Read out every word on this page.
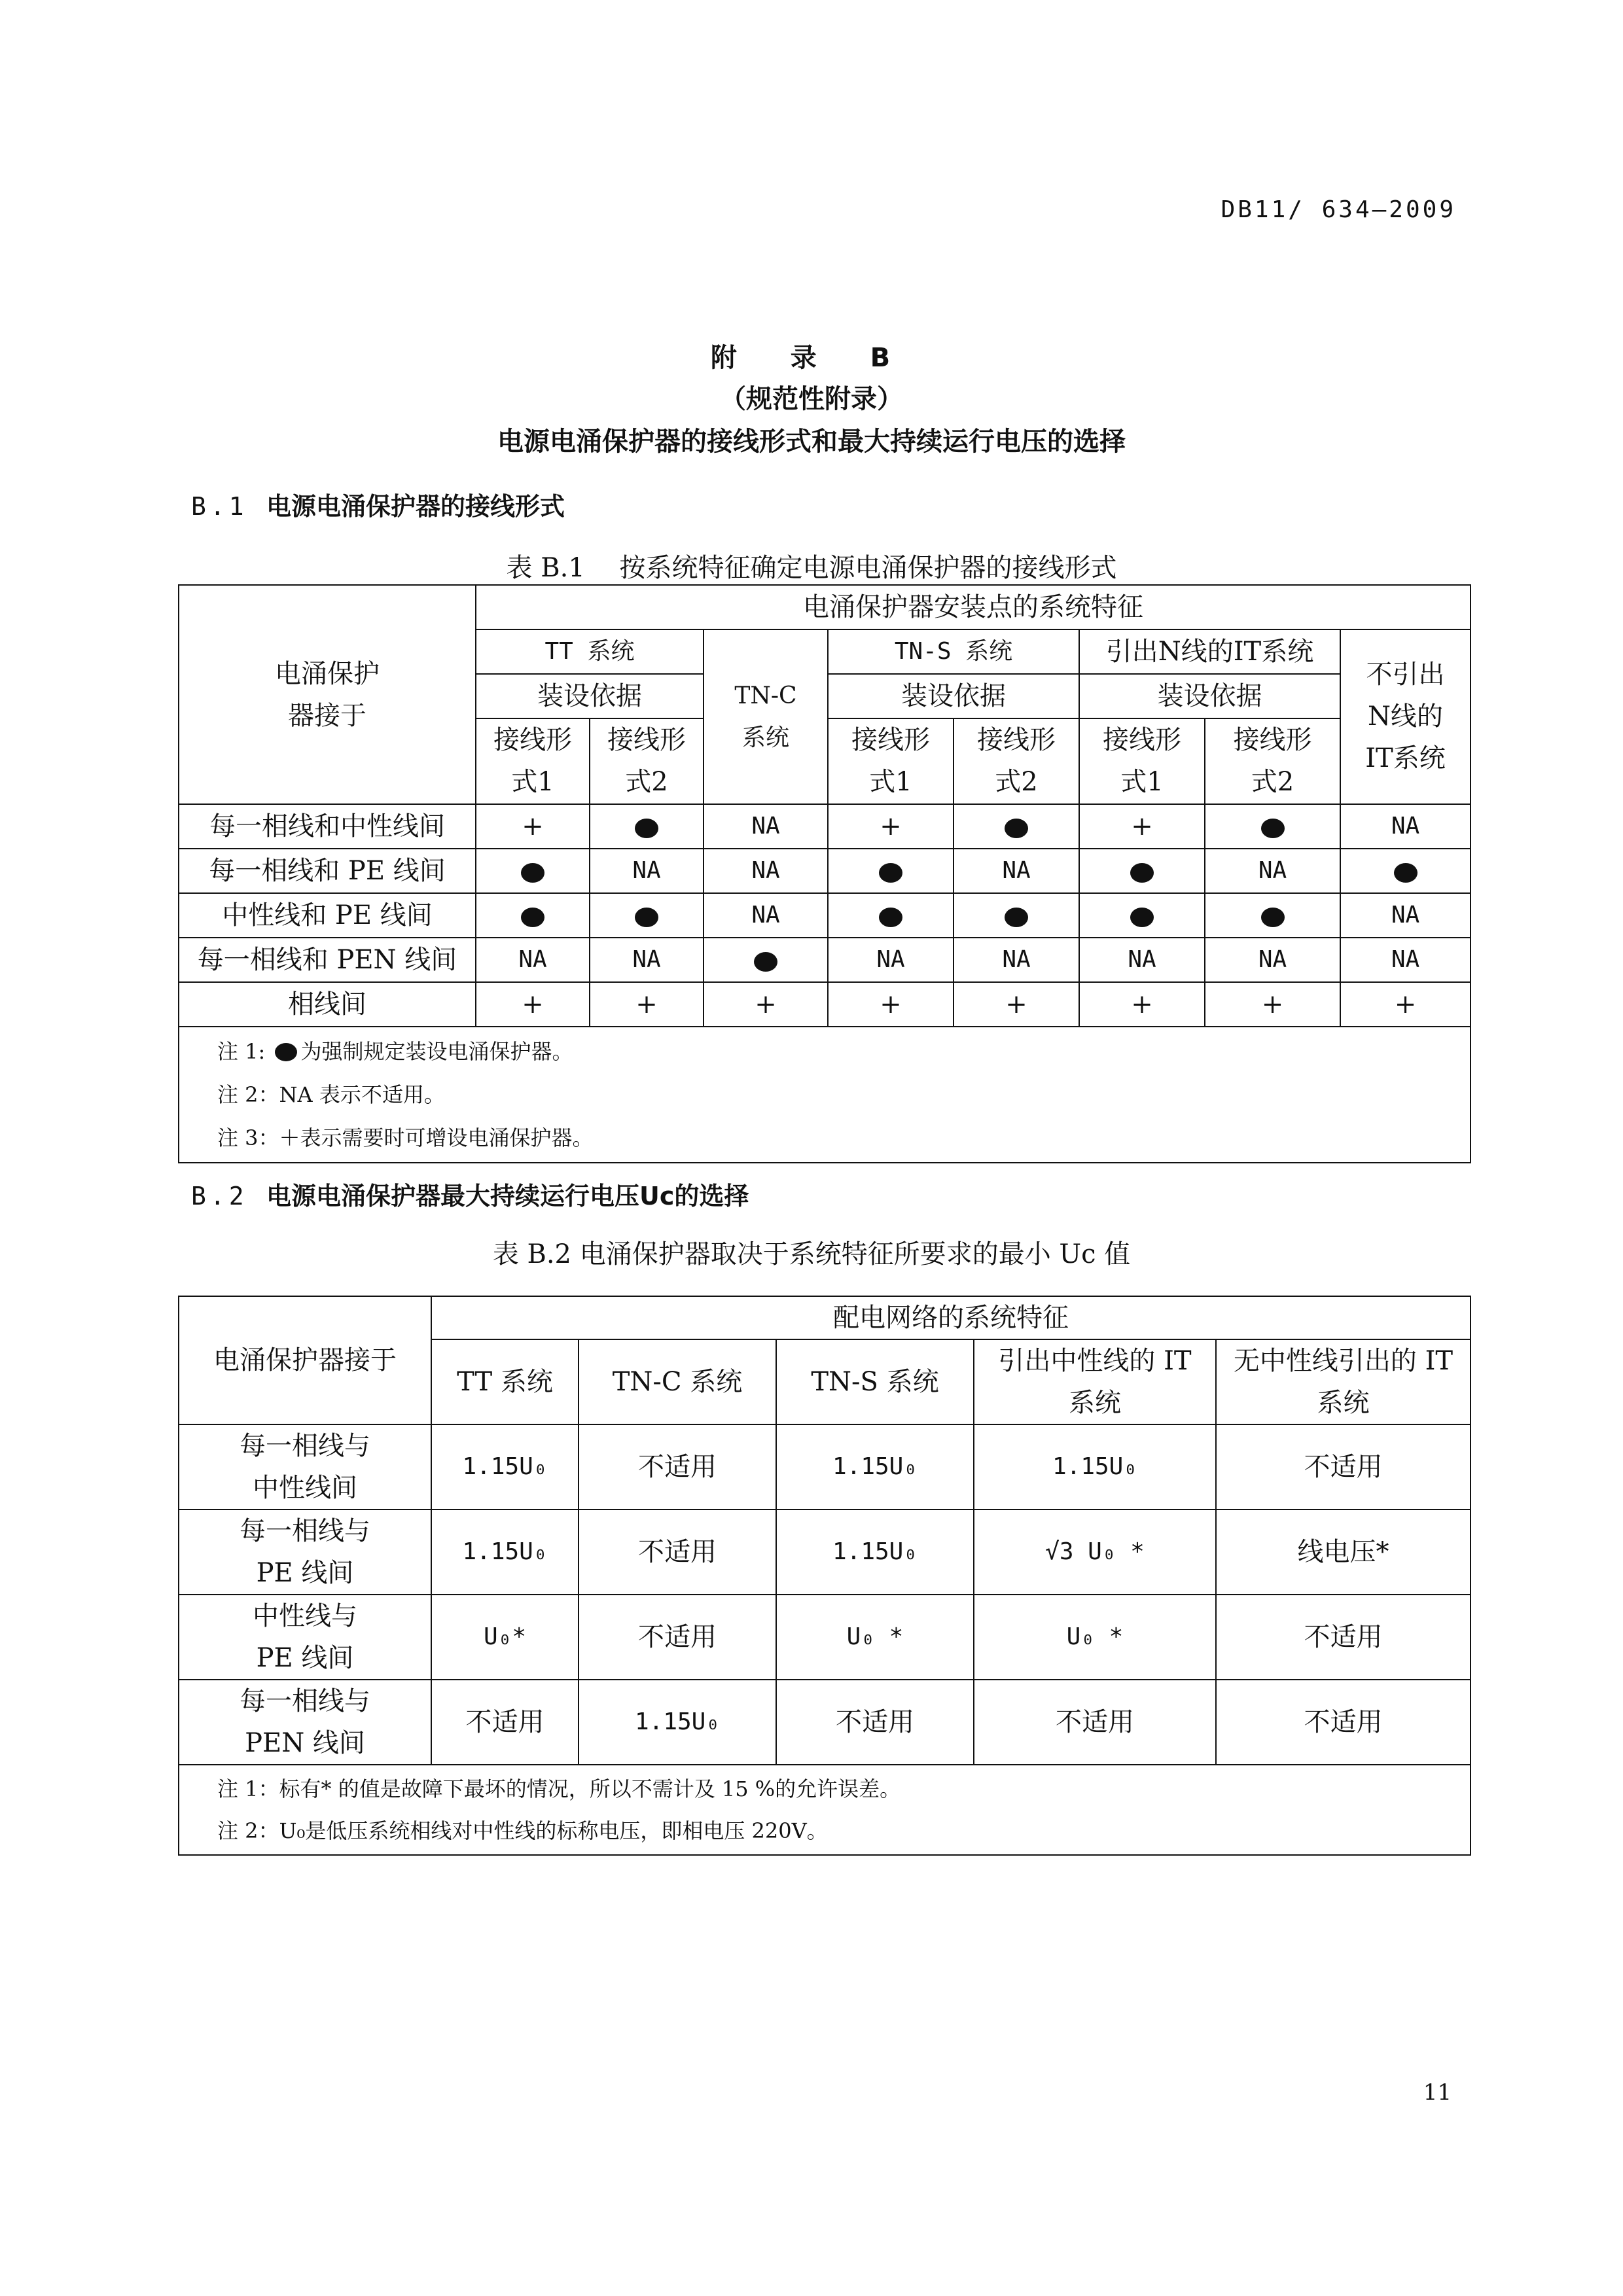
DB11/ 634—2009
附 录 B
（规范性附录）
电源电涌保护器的接线形式和最大持续运行电压的选择
B.1 电源电涌保护器的接线形式
表 B.1　 按系统特征确定电源电涌保护器的接线形式
电涌保护器接于	电涌保护器安装点的系统特征							
	TT 系统		TN-C系统	TN-S 系统		引出N线的IT系统		不引出N线的IT系统
	装设依据			装设依据		装设依据		
	接线形式1	接线形式2		接线形式1	接线形式2	接线形式1	接线形式2	

每一相线和中性线间	+		NA	+		+		NA
每一相线和 PE 线间		NA	NA		NA		NA	
中性线和 PE 线间			NA					NA
每一相线和 PEN 线间	NA	NA		NA	NA	NA	NA	NA
相线间	+	+	+	+	+	+	+	+

注 1: 为强制规定装设电涌保护器。
注 2：NA 表示不适用。
注 3：＋表示需要时可增设电涌保护器。								
B.2 电源电涌保护器最大持续运行电压Uc的选择
表 B.2 电涌保护器取决于系统特征所要求的最小 Uc 值
电涌保护器接于	配电网络的系统特征				
	TT 系统	TN-C 系统	TN-S 系统	引出中性线的 IT 系统	无中性线引出的 IT 系统
每一相线与中性线间	1.15U₀	不适用	1.15U₀	1.15U₀	不适用
每一相线与 PE 线间	1.15U₀	不适用	1.15U₀	√3 U₀ *	线电压*
中性线与 PE 线间	U₀*	不适用	U₀ *	U₀ *	不适用
每一相线与 PEN 线间	不适用	1.15U₀	不适用	不适用	不适用

注 1：标有* 的值是故障下最坏的情况，所以不需计及 15 %的允许误差。
注 2：U₀是低压系统相线对中性线的标称电压，即相电压 220V。					
11
